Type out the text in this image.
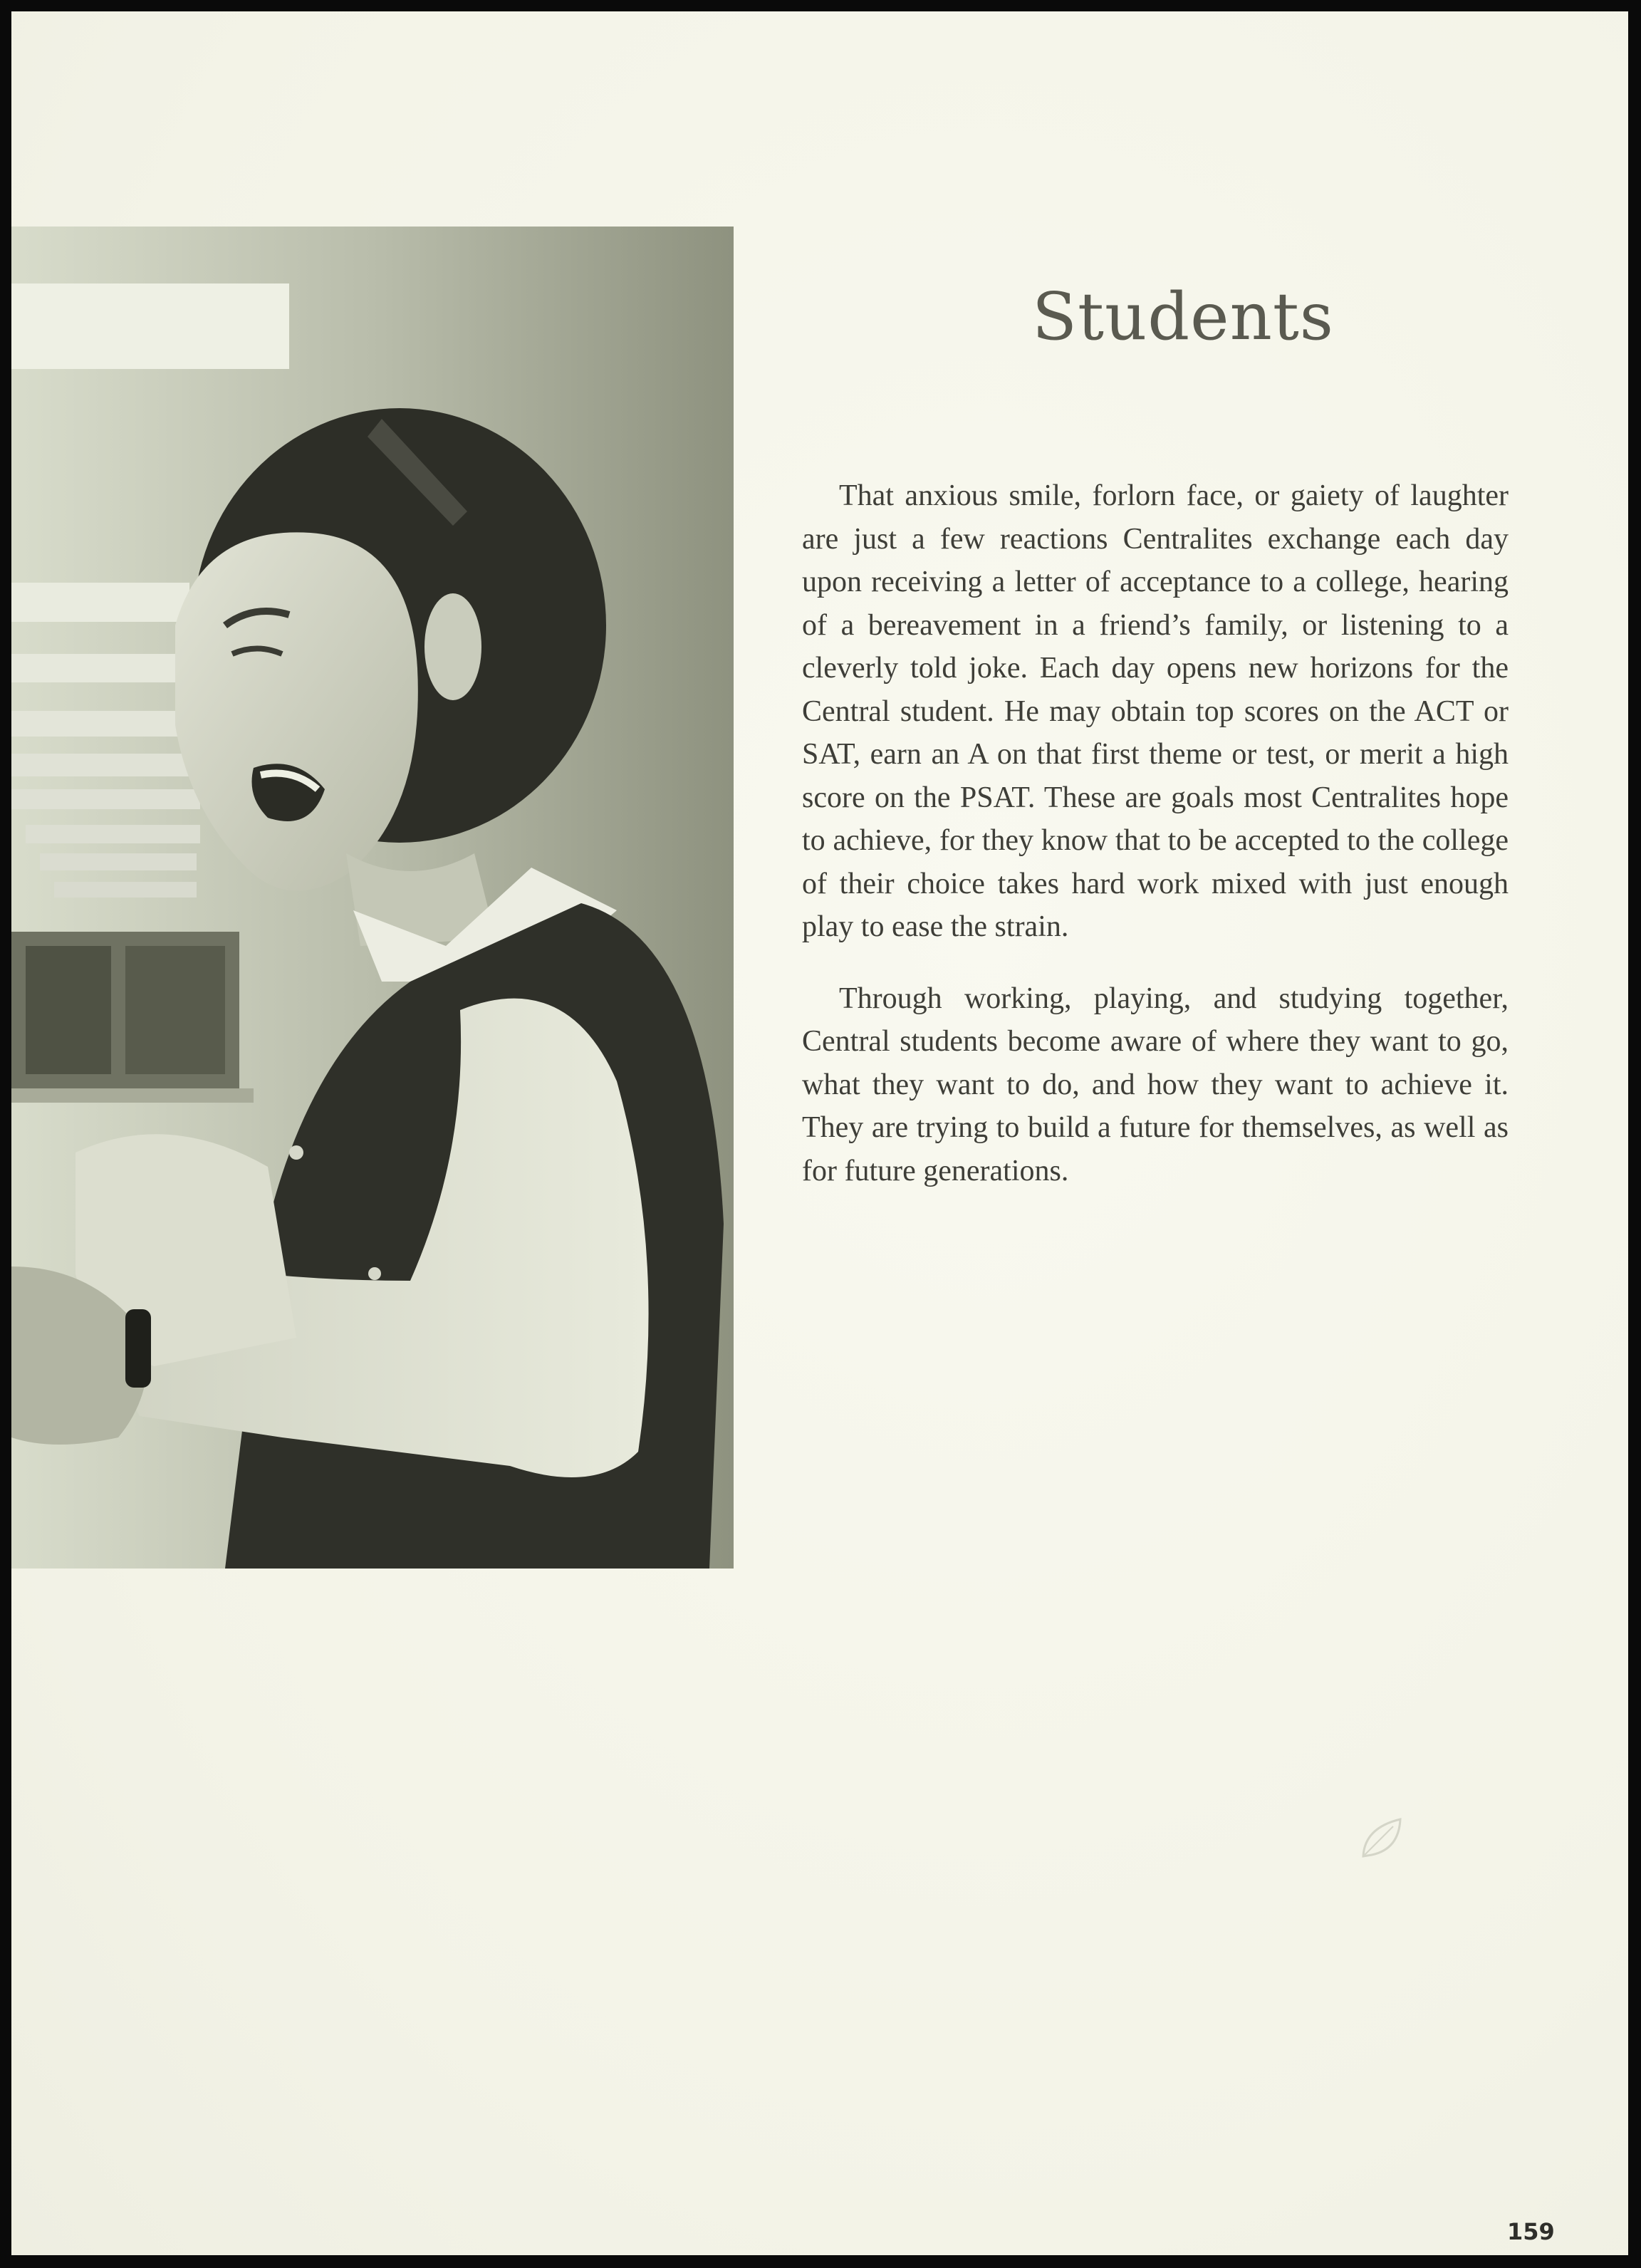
Students

That anxious smile, forlorn face, or gaiety of laughter are just a few reactions Centralites exchange each day upon receiving a letter of acceptance to a college, hearing of a bereavement in a friend’s family, or listening to a cleverly told joke. Each day opens new horizons for the Central student. He may obtain top scores on the ACT or SAT, earn an A on that first theme or test, or merit a high score on the PSAT. These are goals most Centralites hope to achieve, for they know that to be accepted to the college of their choice takes hard work mixed with just enough play to ease the strain.

Through working, playing, and studying together, Central students become aware of where they want to go, what they want to do, and how they want to achieve it. They are trying to build a future for themselves, as well as for future generations.

159
